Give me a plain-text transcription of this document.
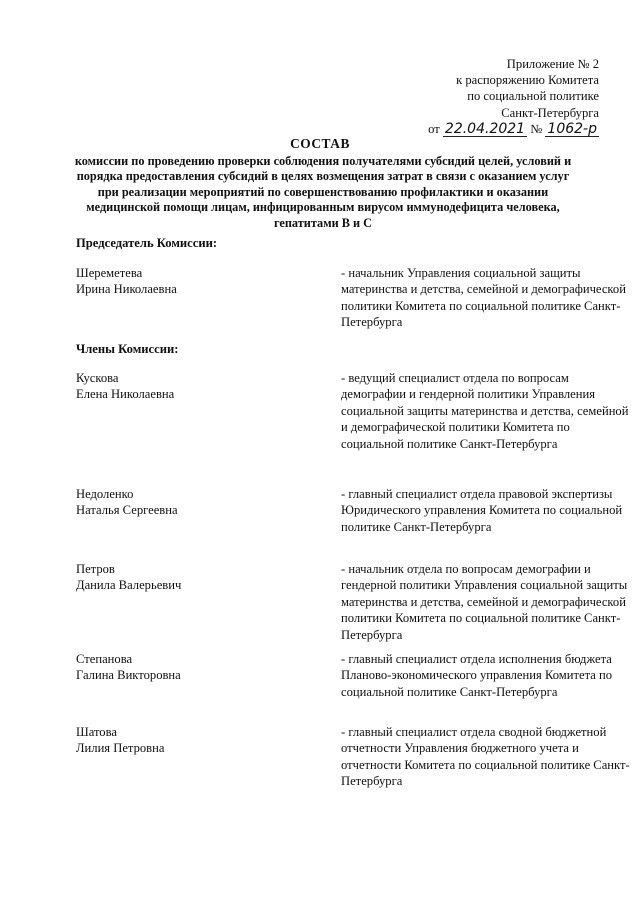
Приложение № 2
к распоряжению Комитета
по социальной политике
Санкт-Петербурга
от 22.04.2021 № 1062-р
СОСТАВ
комиссии по проведению проверки соблюдения получателями субсидий целей, условий и порядка предоставления субсидий в целях возмещения затрат в связи с оказанием услуг при реализации мероприятий по совершенствованию профилактики и оказании медицинской помощи лицам, инфицированным вирусом иммунодефицита человека, гепатитами В и С
Председатель Комиссии:
Шереметева
Ирина Николаевна
- начальник Управления социальной защиты материнства и детства, семейной и демографической политики Комитета по социальной политике Санкт-Петербурга
Члены Комиссии:
Кускова
Елена Николаевна
- ведущий специалист отдела по вопросам демографии и гендерной политики Управления социальной защиты материнства и детства, семейной и демографической политики Комитета по социальной политике Санкт-Петербурга
Недоленко
Наталья Сергеевна
- главный специалист отдела правовой экспертизы Юридического управления Комитета по социальной политике Санкт-Петербурга
Петров
Данила Валерьевич
- начальник отдела по вопросам демографии и гендерной политики Управления социальной защиты материнства и детства, семейной и демографической политики Комитета по социальной политике Санкт-Петербурга
Степанова
Галина Викторовна
- главный специалист отдела исполнения бюджета Планово-экономического управления Комитета по социальной политике Санкт-Петербурга
Шатова
Лилия Петровна
- главный специалист отдела сводной бюджетной отчетности Управления бюджетного учета и отчетности Комитета по социальной политике Санкт-Петербурга
